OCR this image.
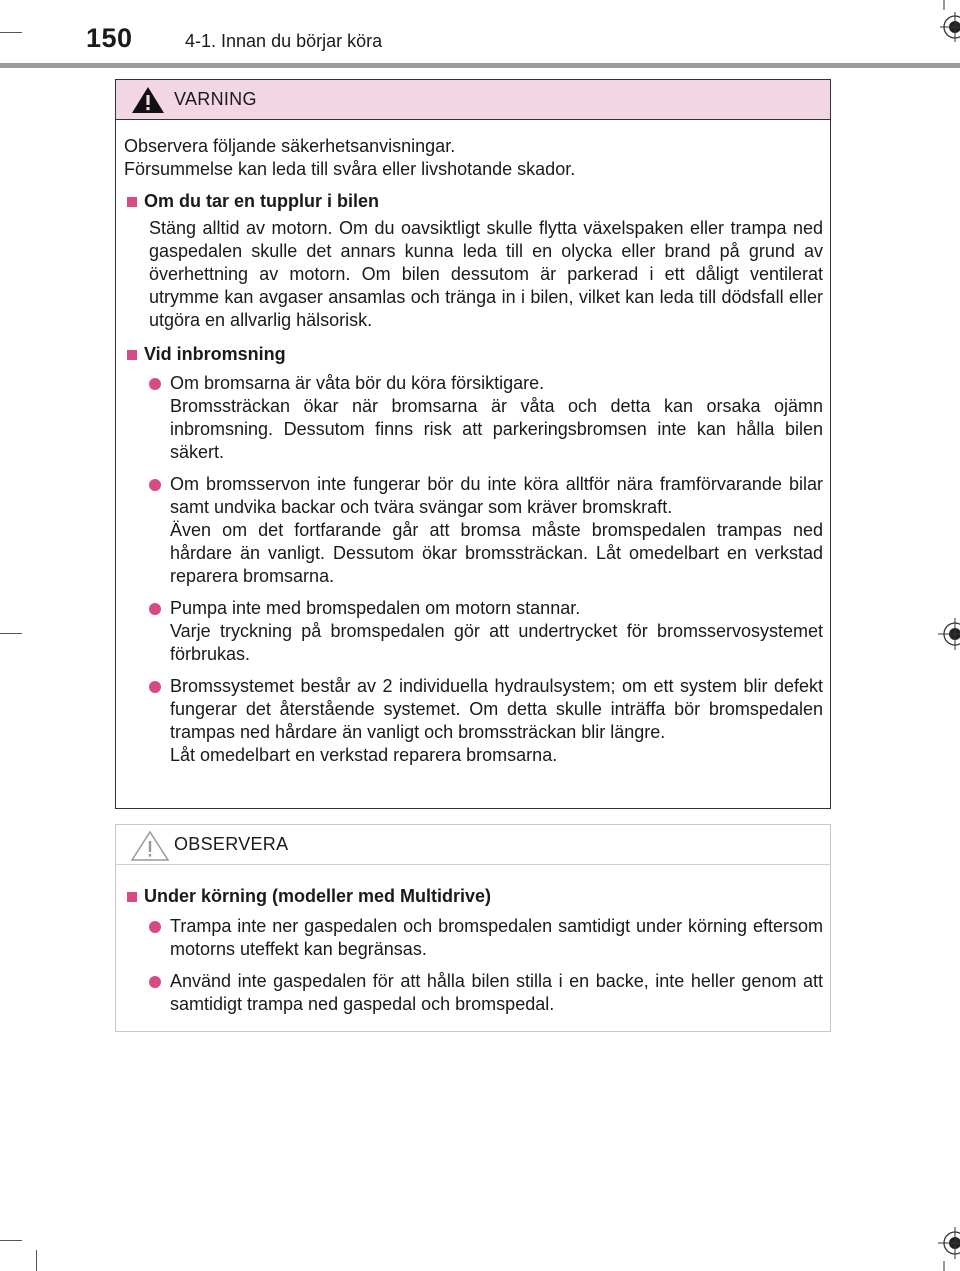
150	4-1. Innan du börjar köra
VARNING
Observera följande säkerhetsanvisningar.
Försummelse kan leda till svåra eller livshotande skador.
Om du tar en tupplur i bilen
Stäng alltid av motorn. Om du oavsiktligt skulle flytta växelspaken eller trampa ned gaspedalen skulle det annars kunna leda till en olycka eller brand på grund av överhettning av motorn. Om bilen dessutom är parkerad i ett dåligt ventilerat utrymme kan avgaser ansamlas och tränga in i bilen, vilket kan leda till dödsfall eller utgöra en allvarlig hälsorisk.
Vid inbromsning
Om bromsarna är våta bör du köra försiktigare.
Bromssträckan ökar när bromsarna är våta och detta kan orsaka ojämn inbromsning. Dessutom finns risk att parkeringsbromsen inte kan hålla bilen säkert.
Om bromsservon inte fungerar bör du inte köra alltför nära framförvarande bilar samt undvika backar och tvära svängar som kräver bromskraft.
Även om det fortfarande går att bromsa måste bromspedalen trampas ned hårdare än vanligt. Dessutom ökar bromssträckan. Låt omedelbart en verkstad reparera bromsarna.
Pumpa inte med bromspedalen om motorn stannar.
Varje tryckning på bromspedalen gör att undertrycket för bromsservosystemet förbrukas.
Bromssystemet består av 2 individuella hydraulsystem; om ett system blir defekt fungerar det återstående systemet. Om detta skulle inträffa bör bromspedalen trampas ned hårdare än vanligt och bromssträckan blir längre.
Låt omedelbart en verkstad reparera bromsarna.
OBSERVERA
Under körning (modeller med Multidrive)
Trampa inte ner gaspedalen och bromspedalen samtidigt under körning eftersom motorns uteffekt kan begränsas.
Använd inte gaspedalen för att hålla bilen stilla i en backe, inte heller genom att samtidigt trampa ned gaspedal och bromspedal.
